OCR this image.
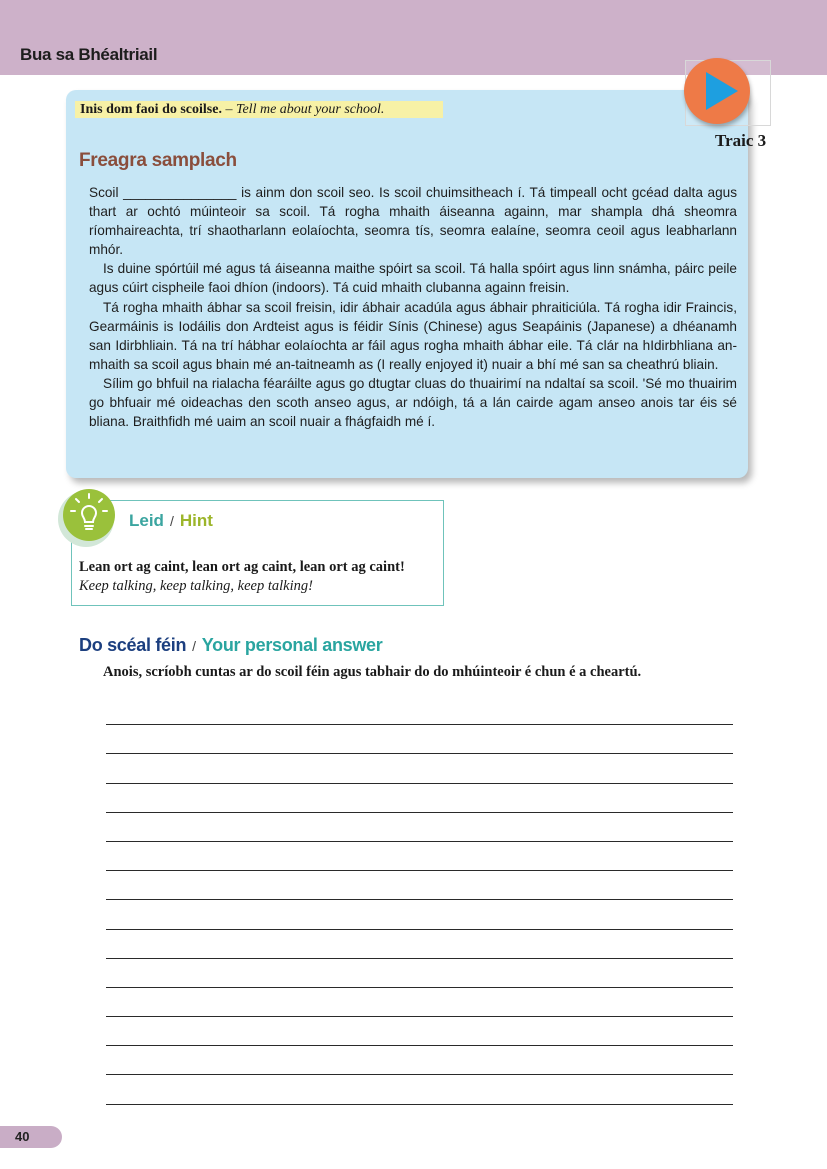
Bua sa Bhéaltriail
Inis dom faoi do scoilse. – Tell me about your school.
Traic 3
Freagra samplach

Scoil _______________ is ainm don scoil seo. Is scoil chuimsitheach í. Tá timpeall ocht gcéad dalta agus thart ar ochtó múinteoir sa scoil. Tá rogha mhaith áiseanna againn, mar shampla dhá sheomra ríomhaireachta, trí shaotharlann eolaíochta, seomra tís, seomra ealaíne, seomra ceoil agus leabharlann mhór.

Is duine spórtúil mé agus tá áiseanna maithe spóirt sa scoil. Tá halla spóirt agus linn snámha, páirc peile agus cúirt cispheile faoi dhíon (indoors). Tá cuid mhaith clubanna againn freisin.

Tá rogha mhaith ábhar sa scoil freisin, idir ábhair acadúla agus ábhair phraiticiúla. Tá rogha idir Fraincis, Gearmáinis is Iodáilis don Ardteist agus is féidir Sínis (Chinese) agus Seapáinis (Japanese) a dhéanamh san Idirbhliain. Tá na trí hábhar eolaíochta ar fáil agus rogha mhaith ábhar eile. Tá clár na hIdirbhliana an-mhaith sa scoil agus bhain mé an-taitneamh as (I really enjoyed it) nuair a bhí mé san sa cheathrú bliain.

Sílim go bhfuil na rialacha féaráilte agus go dtugtar cluas do thuairimí na ndaltaí sa scoil. 'Sé mo thuairim go bhfuair mé oideachas den scoth anseo agus, ar ndóigh, tá a lán cairde agam anseo anois tar éis sé bliana. Braithfidh mé uaim an scoil nuair a fhágfaidh mé í.

Leid / Hint
Lean ort ag caint, lean ort ag caint, lean ort ag caint!
Keep talking, keep talking, keep talking!
Do scéal féin / Your personal answer
Anois, scríobh cuntas ar do scoil féin agus tabhair do do mhúinteoir é chun é a cheartú.
40
